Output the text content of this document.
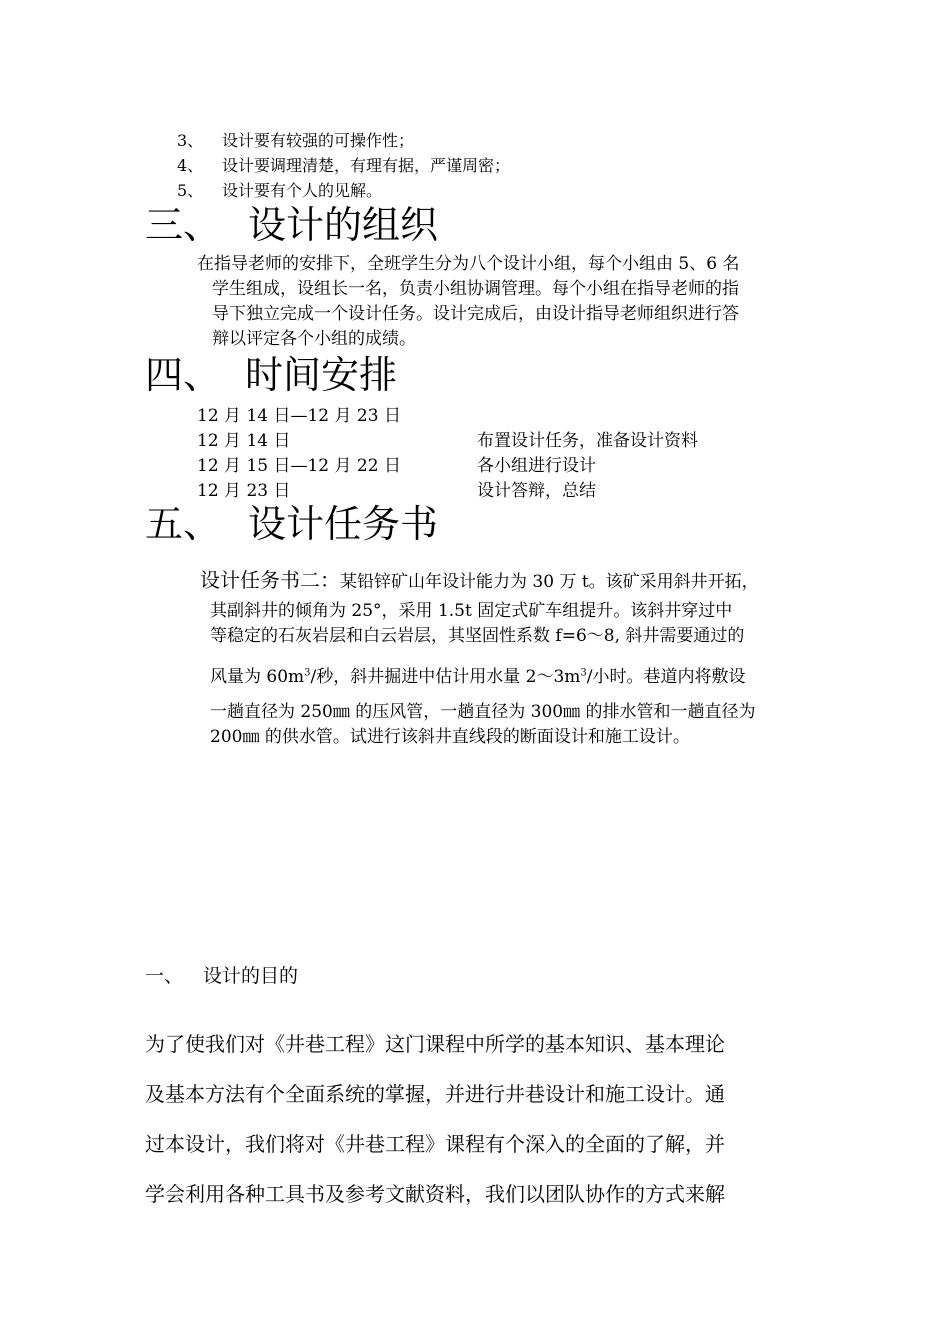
3、 设计要有较强的可操作性；
4、 设计要调理清楚，有理有据，严谨周密；
5、 设计要有个人的见解。
三、 设计的组织
在指导老师的安排下，全班学生分为八个设计小组，每个小组由 5、6 名
学生组成，设组长一名，负责小组协调管理。每个小组在指导老师的指
导下独立完成一个设计任务。设计完成后，由设计指导老师组织进行答
辩以评定各个小组的成绩。
四、 时间安排
12 月 14 日—12 月 23 日
12 月 14 日	布置设计任务，准备设计资料
12 月 15 日—12 月 22 日	各小组进行设计
12 月 23 日	设计答辩，总结
五、 设计任务书
设计任务书二：某铅锌矿山年设计能力为 30 万 t。该矿采用斜井开拓，
其副斜井的倾角为 25°，采用 1.5t 固定式矿车组提升。该斜井穿过中
等稳定的石灰岩层和白云岩层，其坚固性系数 f=6～8, 斜井需要通过的
风量为 $60m^3/$秒，斜井掘进中估计用水量 $2\sim 3m^3/$小时。巷道内将敷设
一趟直径为 250㎜ 的压风管，一趟直径为 300㎜ 的排水管和一趟直径为
200㎜ 的供水管。试进行该斜井直线段的断面设计和施工设计。
一、 设计的目的
为了使我们对《井巷工程》这门课程中所学的基本知识、基本理论
及基本方法有个全面系统的掌握，并进行井巷设计和施工设计。通
过本设计，我们将对《井巷工程》课程有个深入的全面的了解，并
学会利用各种工具书及参考文献资料，我们以团队协作的方式来解
